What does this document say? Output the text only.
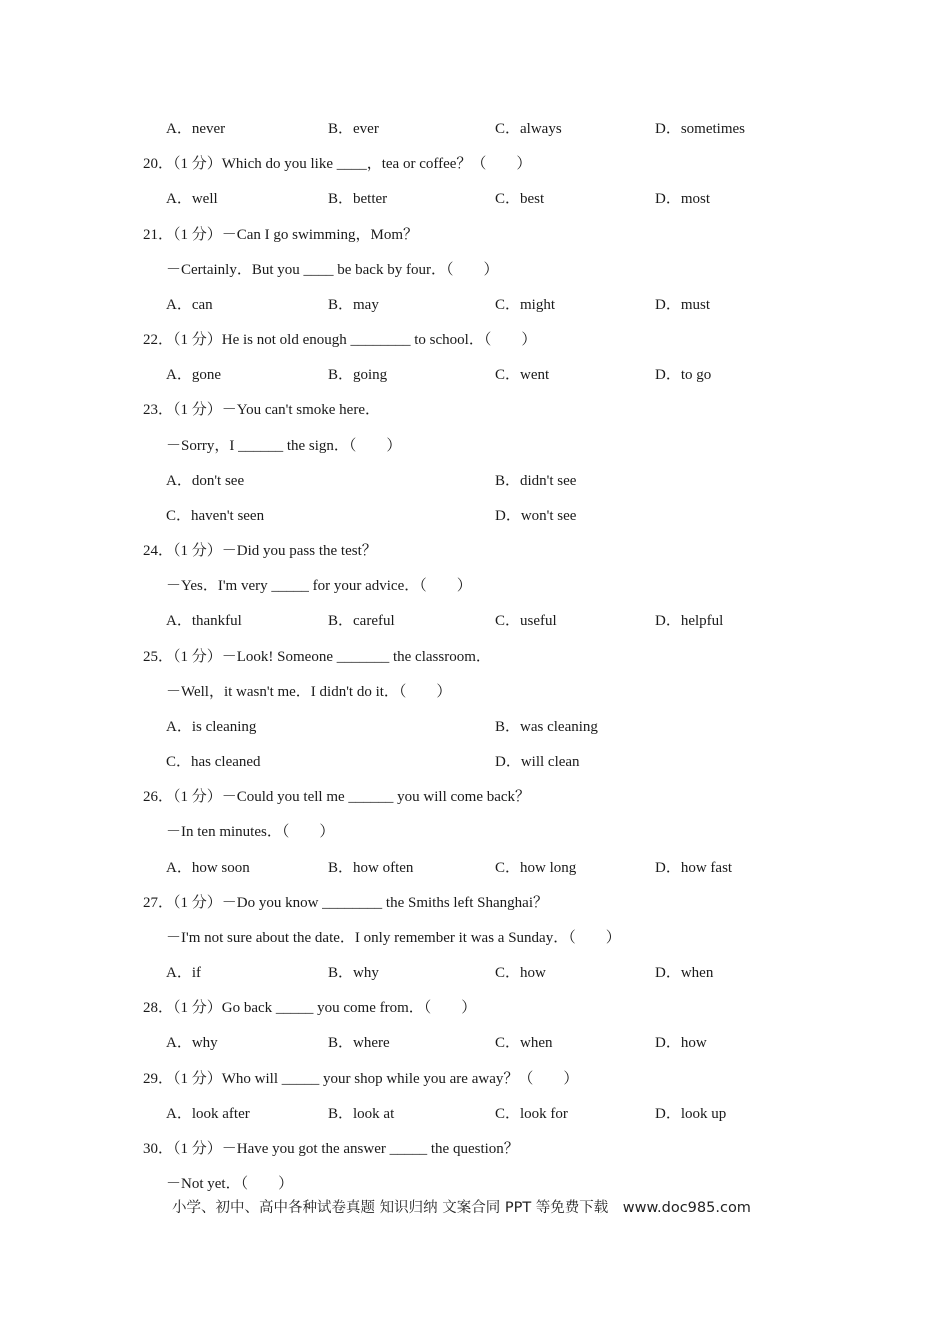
A．never	B．ever	C．always	D．sometimes
20．（1 分）Which do you like ____，tea or coffee？（　　）
A．well	B．better	C．best	D．most
21．（1 分）－Can I go swimming，Mom？
－Certainly．But you ____ be back by four．（　　）
A．can	B．may	C．might	D．must
22．（1 分）He is not old enough ________ to school．（　　）
A．gone	B．going	C．went	D．to go
23．（1 分）－You can't smoke here．
－Sorry，I ______ the sign．（　　）
A．don't see	B．didn't see
C．haven't seen	D．won't see
24．（1 分）－Did you pass the test？
－Yes．I'm very _____ for your advice．（　　）
A．thankful	B．careful	C．useful	D．helpful
25．（1 分）－Look! Someone _______ the classroom．
－Well，it wasn't me．I didn't do it．（　　）
A．is cleaning	B．was cleaning
C．has cleaned	D．will clean
26．（1 分）－Could you tell me ______ you will come back？
－In ten minutes．（　　）
A．how soon	B．how often	C．how long	D．how fast
27．（1 分）－Do you know ________ the Smiths left Shanghai？
－I'm not sure about the date．I only remember it was a Sunday．（　　）
A．if	B．why	C．how	D．when
28．（1 分）Go back _____ you come from．（　　）
A．why	B．where	C．when	D．how
29．（1 分）Who will _____ your shop while you are away？（　　）
A．look after	B．look at	C．look for	D．look up
30．（1 分）－Have you got the answer _____ the question？
－Not yet．（　　）
小学、初中、高中各种试卷真题 知识归纳 文案合同 PPT 等免费下载　www.doc985.com
